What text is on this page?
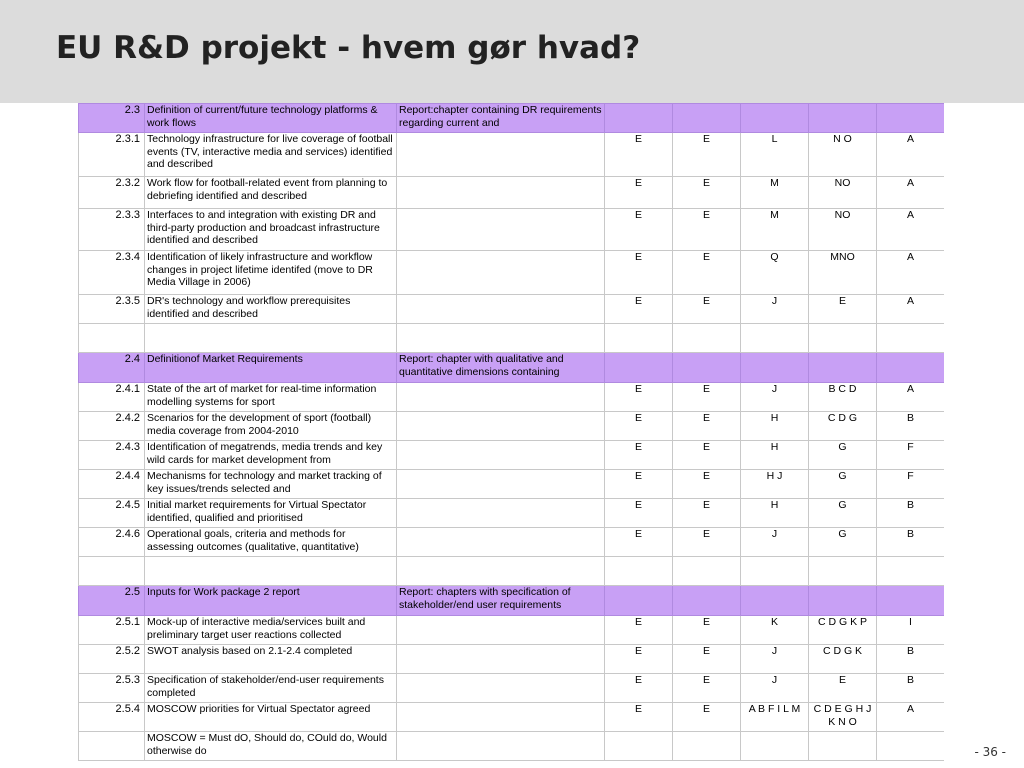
EU R&D projekt - hvem gør hvad?
2.3	Definition of current/future technology platforms & work flows	Report:chapter containing DR requirements regarding current and					

2.3.1	Technology infrastructure for live coverage of football events (TV, interactive media and services) identified and described		E	E	L	N O	A

2.3.2	Work flow for football-related event from planning to debriefing identified and described		E	E	M	NO	A

2.3.3	Interfaces to and integration with existing DR and third-party production and broadcast infrastructure identified and described		E	E	M	NO	A

2.3.4	Identification of likely infrastructure and workflow changes in project lifetime identifed (move to DR Media Village in 2006)		E	E	Q	MNO	A

2.3.5	DR's technology and workflow prerequisites identified and described		E	E	J	E	A

2.4	Definitionof Market Requirements	Report: chapter with qualitative and quantitative dimensions containing					

2.4.1	State of the art of market for real-time information modelling systems for sport		E	E	J	B C D	A

2.4.2	Scenarios for the development of sport (football) media coverage from 2004-2010		E	E	H	C D G	B

2.4.3	Identification of megatrends, media trends and key wild cards for market development from		E	E	H	G	F

2.4.4	Mechanisms for technology and market tracking of key issues/trends selected and		E	E	H J	G	F

2.4.5	Initial market requirements for Virtual Spectator identified, qualified and prioritised		E	E	H	G	B

2.4.6	Operational goals, criteria and methods for assessing outcomes (qualitative, quantitative)		E	E	J	G	B

2.5	Inputs for Work package 2 report	Report: chapters with specification of stakeholder/end user requirements					

2.5.1	Mock-up of interactive media/services built and preliminary target user reactions collected		E	E	K	C D G K P	I

2.5.2	SWOT analysis based on 2.1-2.4 completed		E	E	J	C D G K	B

2.5.3	Specification of stakeholder/end-user requirements completed		E	E	J	E	B

2.5.4	MOSCOW priorities for Virtual Spectator agreed		E	E	A B F I L M	C D E G H J K N O	A

	MOSCOW = Must dO, Should do, COuld do, Would otherwise do						

		- 36 -
